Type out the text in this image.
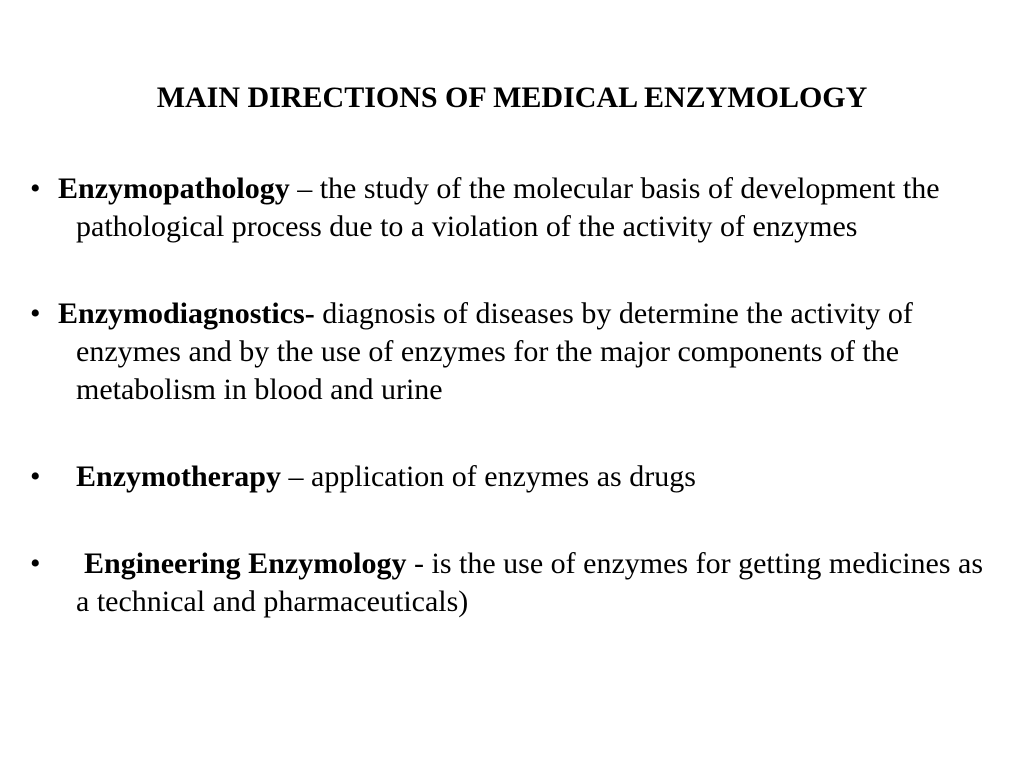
MAIN DIRECTIONS OF MEDICAL ENZYMOLOGY
• Enzymopathology – the study of the molecular basis of development the pathological process due to a violation of the activity of enzymes
• Enzymodiagnostics- diagnosis of diseases by determine the activity of enzymes and by the use of enzymes for the major components of the metabolism in blood and urine
• Enzymotherapy – application of enzymes as drugs
• Engineering Enzymology - is the use of enzymes for getting medicines as a technical and pharmaceuticals)
